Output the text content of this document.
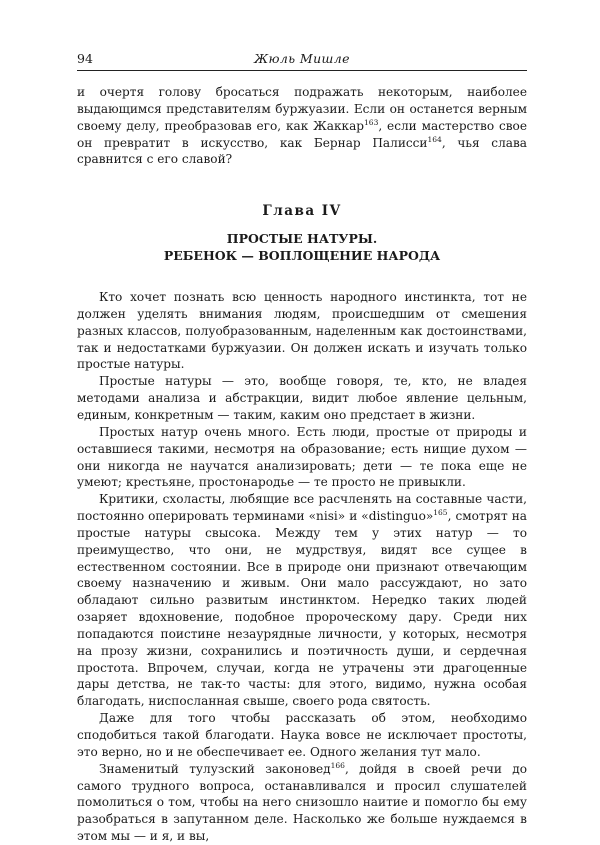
94	Жюль Мишле

и очертя голову бросаться подражать некоторым, наиболее выдающимся представителям буржуазии. Если он останется верным своему делу, преобразовав его, как Жаккар$^{163}$, если мастерство свое он превратит в искусство, как Бернар Палисси$^{164}$, чья слава сравнится с его славой?

Глава IV
ПРОСТЫЕ НАТУРЫ.
РЕБЕНОК — ВОПЛОЩЕНИЕ НАРОДА

Кто хочет познать всю ценность народного инстинкта, тот не должен уделять внимания людям, происшедшим от смешения разных классов, полуобразованным, наделенным как достоинствами, так и недостатками буржуазии. Он должен искать и изучать только простые натуры.

Простые натуры — это, вообще говоря, те, кто, не владея методами анализа и абстракции, видит любое явление цельным, единым, конкретным — таким, каким оно предстает в жизни.

Простых натур очень много. Есть люди, простые от природы и оставшиеся такими, несмотря на образование; есть нищие духом — они никогда не научатся анализировать; дети — те пока еще не умеют; крестьяне, простонародье — те просто не привыкли.

Критики, схоласты, любящие все расчленять на составные части, постоянно оперировать терминами «nisi» и «distinguo»$^{165}$, смотрят на простые натуры свысока. Между тем у этих натур — то преимущество, что они, не мудрствуя, видят все сущее в естественном состоянии. Все в природе они признают отвечающим своему назначению и живым. Они мало рассуждают, но зато обладают сильно развитым инстинктом. Нередко таких людей озаряет вдохновение, подобное пророческому дару. Среди них попадаются поистине незаурядные личности, у которых, несмотря на прозу жизни, сохранились и поэтичность души, и сердечная простота. Впрочем, случаи, когда не утрачены эти драгоценные дары детства, не так-то часты: для этого, видимо, нужна особая благодать, ниспосланная свыше, своего рода святость.

Даже для того чтобы рассказать об этом, необходимо сподобиться такой благодати. Наука вовсе не исключает простоты, это верно, но и не обеспечивает ее. Одного желания тут мало.

Знаменитый тулузский законовед$^{166}$, дойдя в своей речи до самого трудного вопроса, останавливался и просил слушателей помолиться о том, чтобы на него снизошло наитие и помогло бы ему разобраться в запутанном деле. Насколько же больше нуждаемся в этом мы — и я, и вы,
